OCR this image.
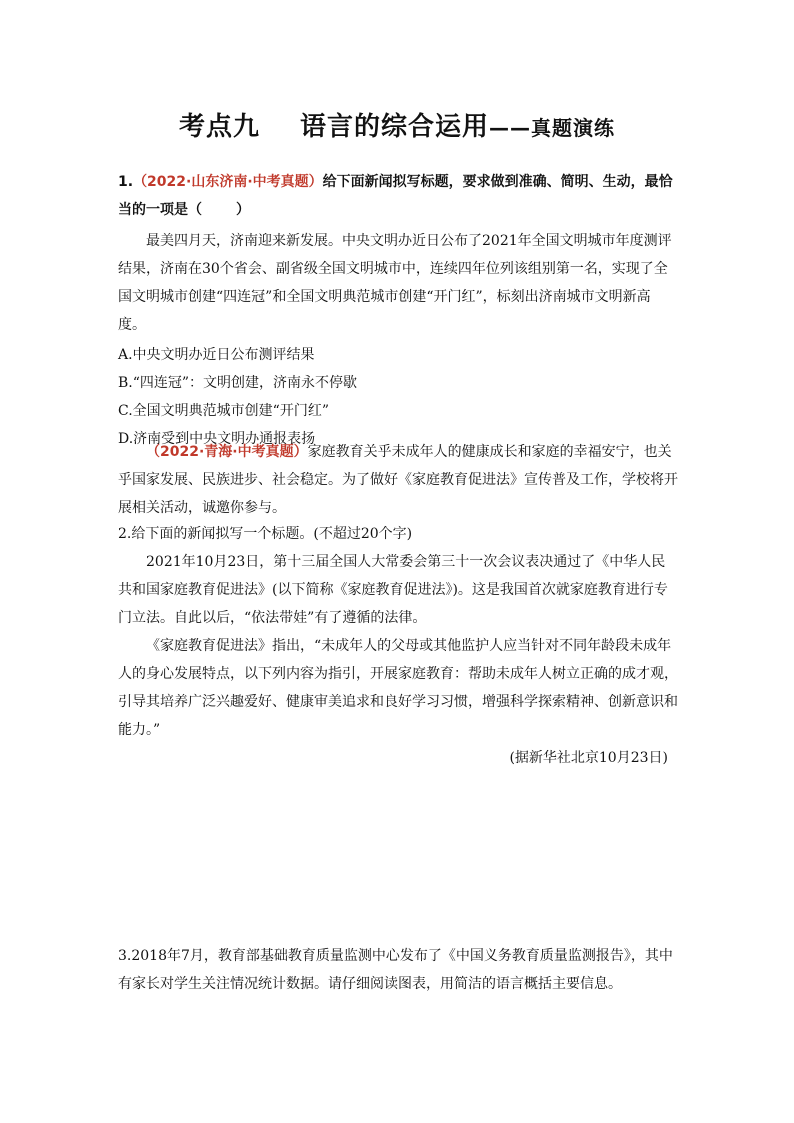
考点九 语言的综合运用——真题演练

1.（2022·山东济南·中考真题）给下面新闻拟写标题，要求做到准确、简明、生动，最恰当的一项是（ ）

最美四月天，济南迎来新发展。中央文明办近日公布了2021年全国文明城市年度测评结果，济南在30个省会、副省级全国文明城市中，连续四年位列该组别第一名，实现了全国文明城市创建“四连冠”和全国文明典范城市创建“开门红”，标刻出济南城市文明新高度。

A.中央文明办近日公布测评结果

B.“四连冠”：文明创建，济南永不停歇

C.全国文明典范城市创建“开门红”

D.济南受到中央文明办通报表扬

（2022·青海·中考真题）家庭教育关乎未成年人的健康成长和家庭的幸福安宁，也关乎国家发展、民族进步、社会稳定。为了做好《家庭教育促进法》宣传普及工作，学校将开展相关活动，诚邀你参与。

2.给下面的新闻拟写一个标题。(不超过20个字)

2021年10月23日，第十三届全国人大常委会第三十一次会议表决通过了《中华人民共和国家庭教育促进法》(以下简称《家庭教育促进法》)。这是我国首次就家庭教育进行专门立法。自此以后，“依法带娃”有了遵循的法律。

《家庭教育促进法》指出，“未成年人的父母或其他监护人应当针对不同年龄段未成年人的身心发展特点，以下列内容为指引，开展家庭教育：帮助未成年人树立正确的成才观，引导其培养广泛兴趣爱好、健康审美追求和良好学习习惯，增强科学探索精神、创新意识和能力。”

(据新华社北京10月23日)

3.2018年7月，教育部基础教育质量监测中心发布了《中国义务教育质量监测报告》，其中有家长对学生关注情况统计数据。请仔细阅读图表，用简洁的语言概括主要信息。
